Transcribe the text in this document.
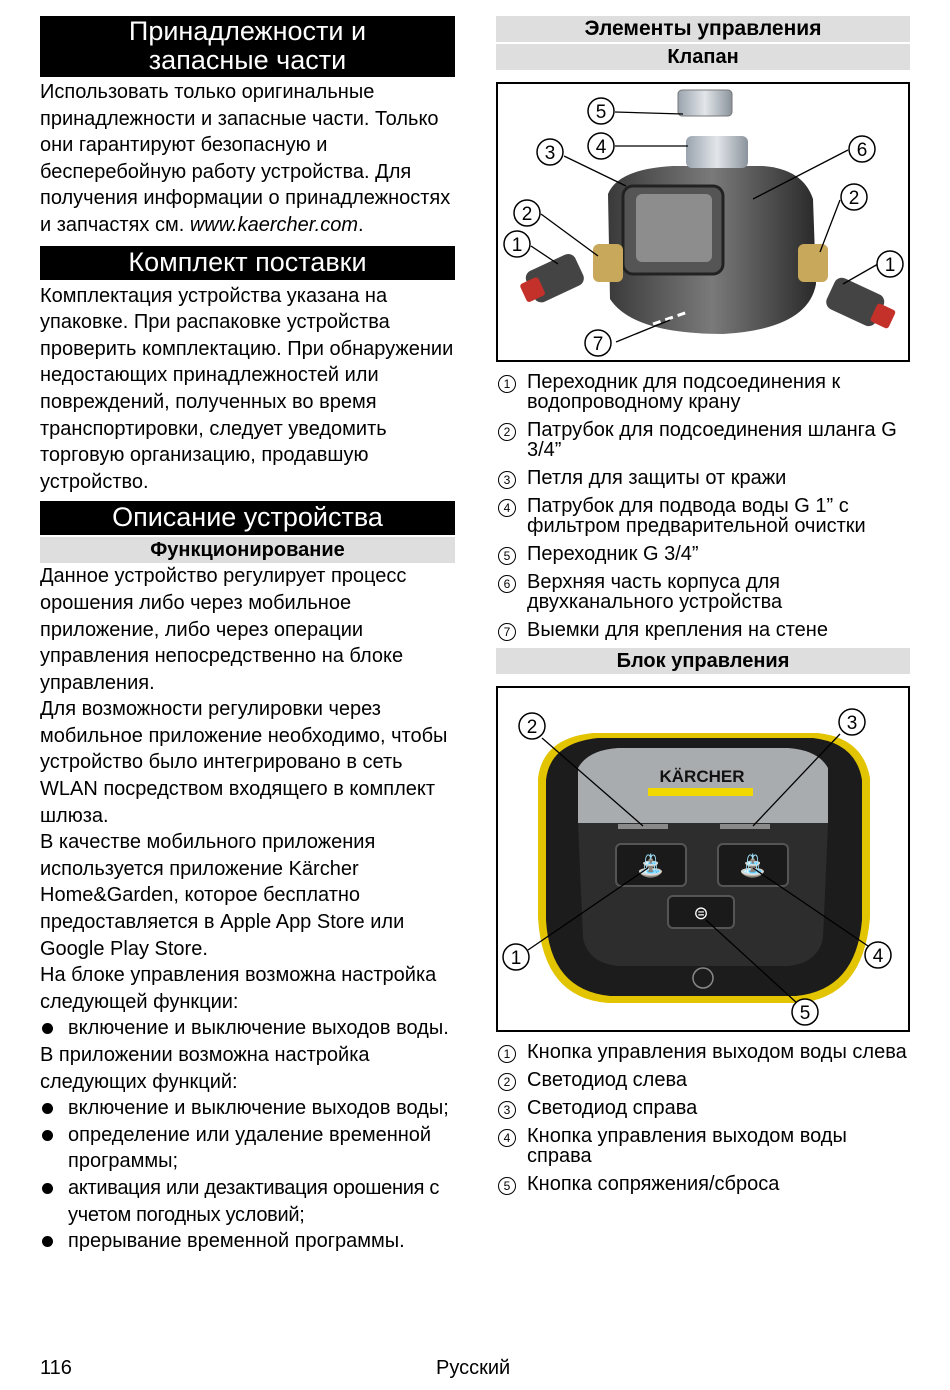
Принадлежности и запасные части
Использовать только оригинальные принадлежности и запасные части. Только они гарантируют безопасную и бесперебойную работу устройства. Для получения информации о принадлежностях и запчастях см. www.kaercher.com.
Комплект поставки
Комплектация устройства указана на упаковке. При распаковке устройства проверить комплектацию. При обнаружении недостающих принадлежностей или повреждений, полученных во время транспортировки, следует уведомить торговую организацию, продавшую устройство.
Описание устройства
Функционирование
Данное устройство регулирует процесс орошения либо через мобильное приложение, либо через операции управления непосредственно на блоке управления.
Для возможности регулировки через мобильное приложение необходимо, чтобы устройство было интегрировано в сеть WLAN посредством входящего в комплект шлюза.
В качестве мобильного приложения используется приложение Kärcher Home&Garden, которое бесплатно предоставляется в Apple App Store или Google Play Store.
На блоке управления возможна настройка следующей функции:
включение и выключение выходов воды.
В приложении возможна настройка следующих функций:
включение и выключение выходов воды;
определение или удаление временной программы;
активация или дезактивация орошения с учетом погодных условий;
прерывание временной программы.
Элементы управления
Клапан
5
4
3	6
2
2
1
1
7
1 Переходник для подсоединения к водопроводному крану
2 Патрубок для подсоединения шланга G 3/4”
3 Петля для защиты от кражи
4 Патрубок для подвода воды G 1” с фильтром предварительной очистки
5 Переходник G 3/4”
6 Верхняя часть корпуса для двухканального устройства
7 Выемки для крепления на стене
Блок управления
KÄRCHER
⛲	⛲
⊜
2	3
1	4
5
1 Кнопка управления выходом воды слева
2 Светодиод слева
3 Светодиод справа
4 Кнопка управления выходом воды справа
5 Кнопка сопряжения/сброса
116	Русский
